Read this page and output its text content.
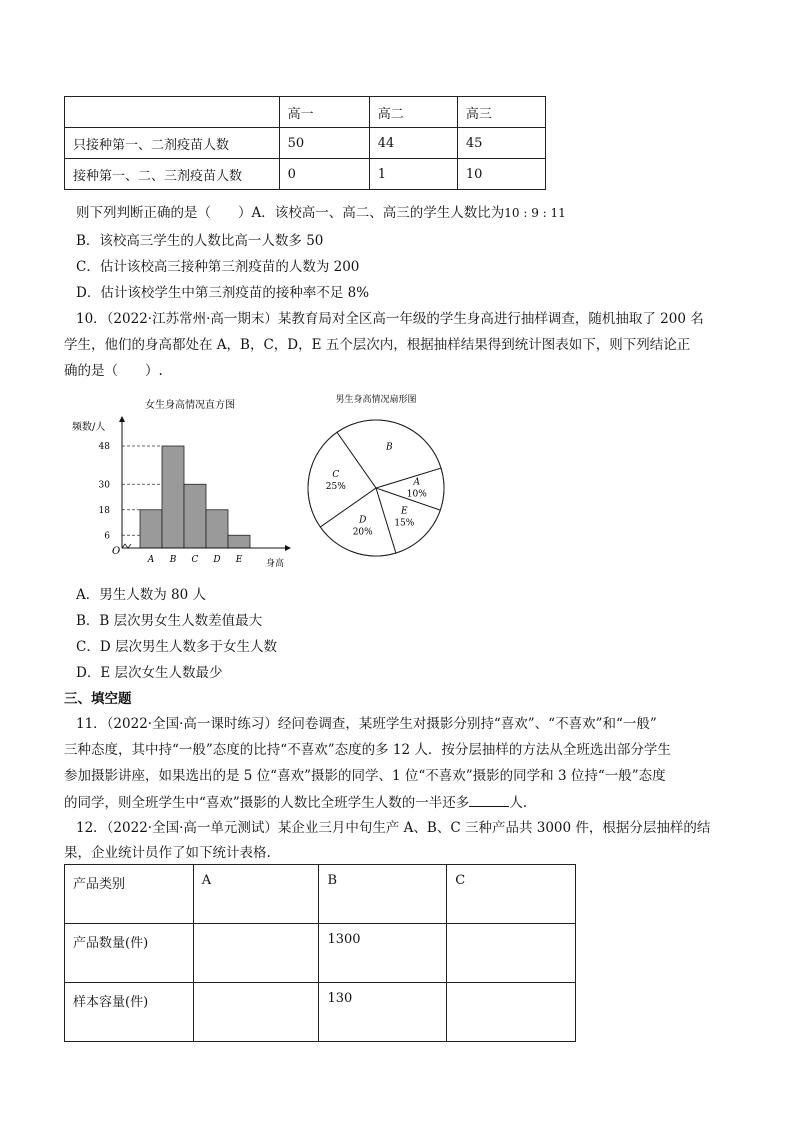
	高一	高二	高三
只接种第一、二剂疫苗人数	50	44	45
接种第一、二、三剂疫苗人数	0	1	10
则下列判断正确的是（　　）A．该校高一、高二、高三的学生人数比为10 : 9 : 11
B．该校高三学生的人数比高一人数多 50
C．估计该校高三接种第三剂疫苗的人数为 200
D．估计该校学生中第三剂疫苗的接种率不足 8%
10．（2022·江苏常州·高一期末）某教育局对全区高一年级的学生身高进行抽样调查，随机抽取了 200 名
学生，他们的身高都处在 A，B，C，D，E 五个层次内，根据抽样结果得到统计图表如下，则下列结论正
确的是（　　）.
女生身高情况直方图
频数/人
身高
O
6
18
30
48
A B C D E
男生身高情况扇形图
A
10%
E
15%
D
20%
C
25%
B
A．男生人数为 80 人
B．B 层次男女生人数差值最大
C．D 层次男生人数多于女生人数
D．E 层次女生人数最少
三、填空题
11．（2022·全国·高一课时练习）经问卷调查，某班学生对摄影分别持“喜欢”、“不喜欢”和“一般”
三种态度，其中持“一般”态度的比持“不喜欢”态度的多 12 人．按分层抽样的方法从全班选出部分学生
参加摄影讲座，如果选出的是 5 位“喜欢”摄影的同学、1 位“不喜欢”摄影的同学和 3 位持“一般”态度
的同学，则全班学生中“喜欢”摄影的人数比全班学生人数的一半还多	人.
12．（2022·全国·高一单元测试）某企业三月中旬生产 A、B、C 三种产品共 3000 件，根据分层抽样的结
果，企业统计员作了如下统计表格.
产品类别	A	B	C
产品数量(件)		1300	
样本容量(件)		130	
